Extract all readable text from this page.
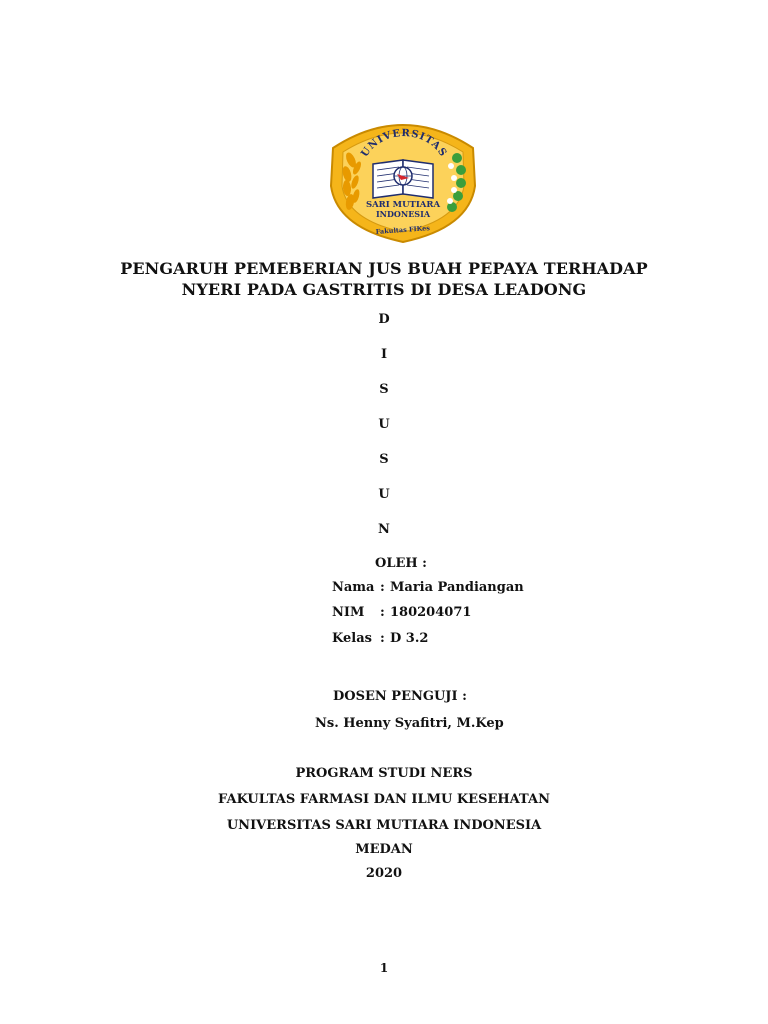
UNIVERSITAS
SARI MUTIARA
INDONESIA
Fakultas FIKes
PENGARUH PEMEBERIAN JUS BUAH PEPAYA TERHADAP
NYERI PADA GASTRITIS DI DESA LEADONG
D
I
S
U
S
U
N
OLEH :
Nama : Maria Pandiangan
NIM : 180204071
Kelas : D 3.2
DOSEN PENGUJI :
Ns. Henny Syafitri, M.Kep
PROGRAM STUDI NERS
FAKULTAS FARMASI DAN ILMU KESEHATAN
UNIVERSITAS SARI MUTIARA INDONESIA
MEDAN
2020
1
